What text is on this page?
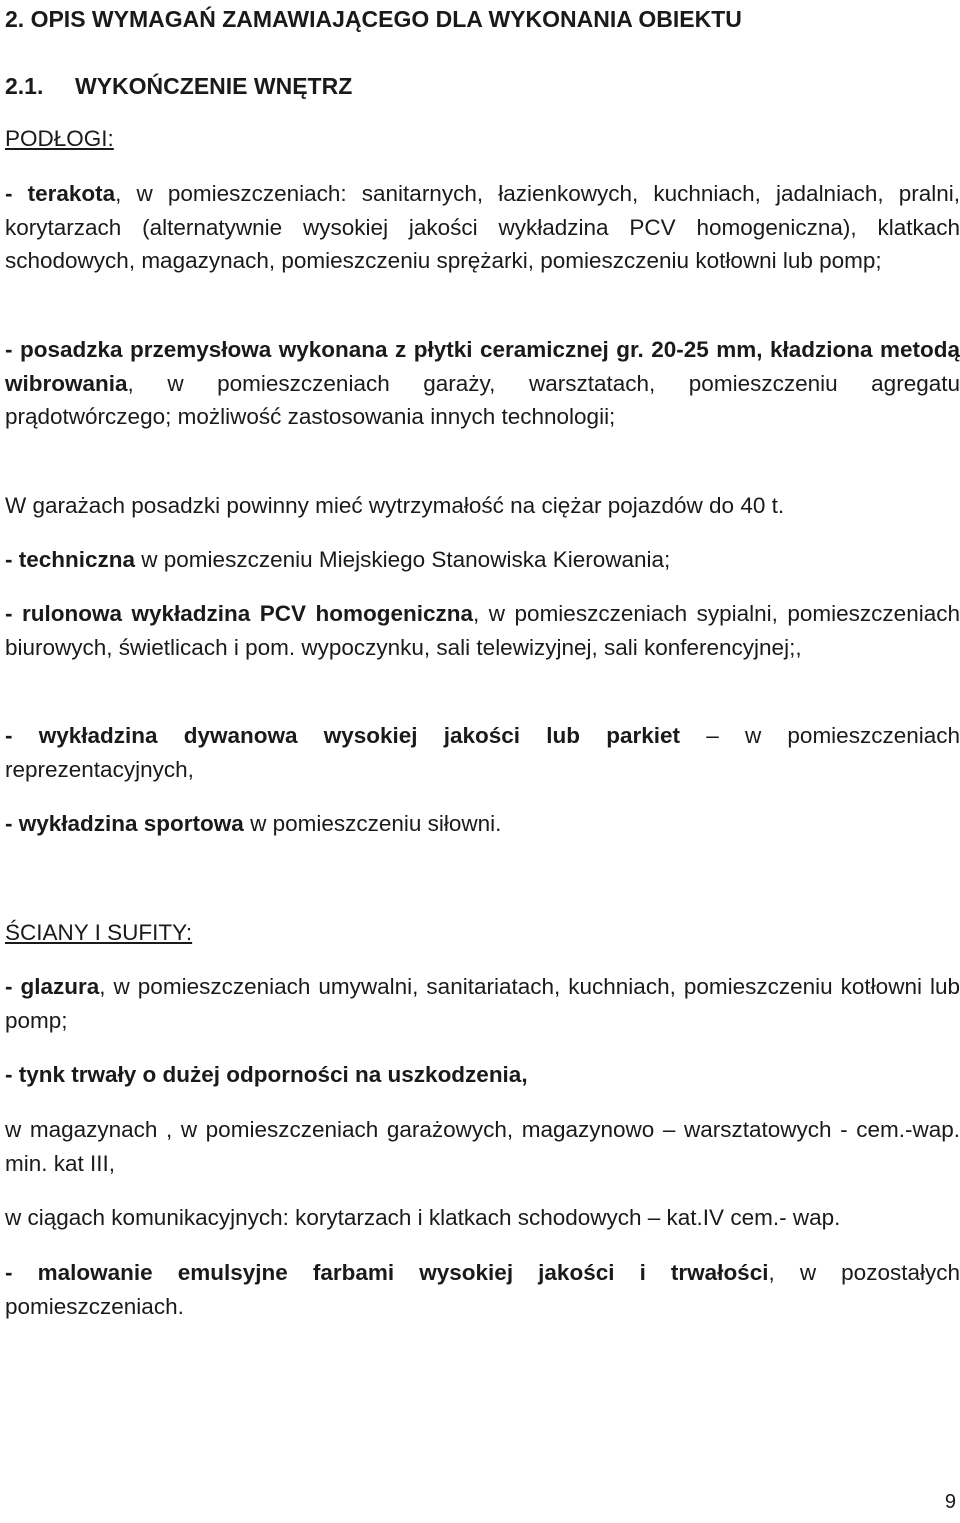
2. OPIS WYMAGAŃ ZAMAWIAJĄCEGO DLA WYKONANIA OBIEKTU
2.1. WYKOŃCZENIE WNĘTRZ
PODŁOGI:
- terakota, w pomieszczeniach: sanitarnych, łazienkowych, kuchniach, jadalniach, pralni, korytarzach (alternatywnie wysokiej jakości wykładzina PCV homogeniczna), klatkach schodowych, magazynach, pomieszczeniu sprężarki, pomieszczeniu kotłowni lub pomp;
- posadzka przemysłowa wykonana z płytki ceramicznej gr. 20-25 mm, kładziona metodą wibrowania, w pomieszczeniach garaży, warsztatach, pomieszczeniu agregatu prądotwórczego; możliwość zastosowania innych technologii;
W garażach posadzki powinny mieć wytrzymałość na ciężar pojazdów do 40 t.
- techniczna w pomieszczeniu Miejskiego Stanowiska Kierowania;
- rulonowa wykładzina PCV homogeniczna, w pomieszczeniach sypialni, pomieszczeniach biurowych, świetlicach i pom. wypoczynku, sali telewizyjnej, sali konferencyjnej;,
- wykładzina dywanowa wysokiej jakości lub parkiet – w pomieszczeniach reprezentacyjnych,
- wykładzina sportowa w pomieszczeniu siłowni.
ŚCIANY I SUFITY:
- glazura, w pomieszczeniach umywalni, sanitariatach, kuchniach, pomieszczeniu kotłowni lub pomp;
- tynk trwały o dużej odporności na uszkodzenia,
w magazynach , w pomieszczeniach garażowych, magazynowo – warsztatowych - cem.-wap. min. kat III,
w ciągach komunikacyjnych: korytarzach i klatkach schodowych – kat.IV cem.- wap.
- malowanie emulsyjne farbami wysokiej jakości i trwałości, w pozostałych pomieszczeniach.
9
